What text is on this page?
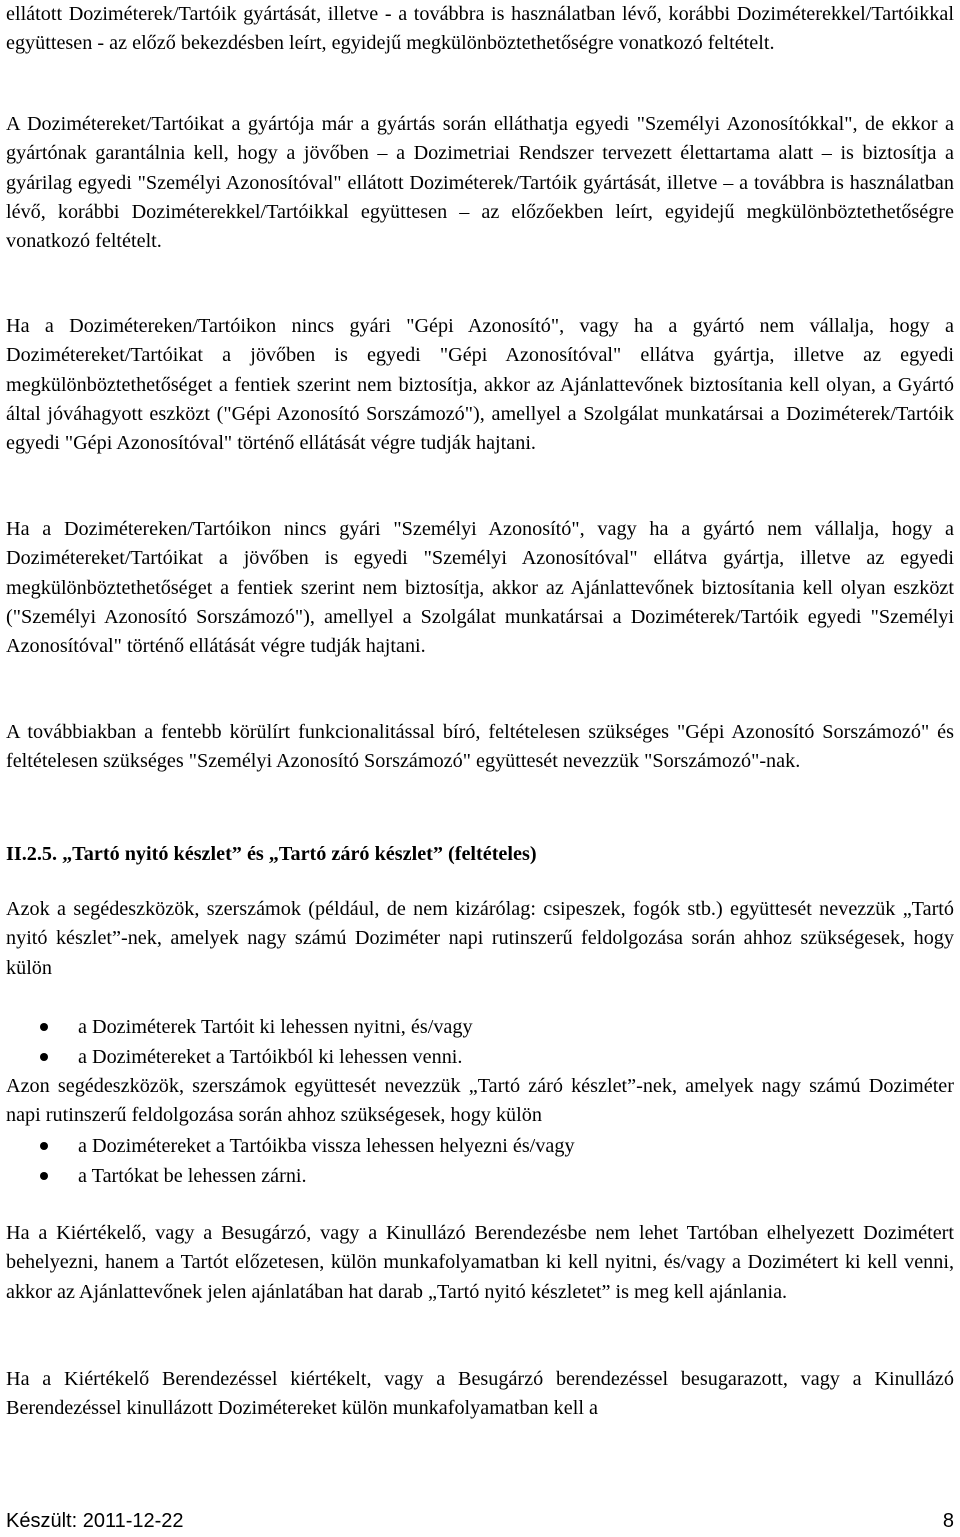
ellátott Doziméterek/Tartóik gyártását, illetve - a továbbra is használatban lévő, korábbi Doziméterekkel/Tartóikkal együttesen - az előző bekezdésben leírt, egyidejű megkülönböztethetőségre vonatkozó feltételt.

A Dozimétereket/Tartóikat a gyártója már a gyártás során elláthatja egyedi "Személyi Azonosítókkal", de ekkor a gyártónak garantálnia kell, hogy a jövőben – a Dozimetriai Rendszer tervezett élettartama alatt – is biztosítja a gyárilag egyedi "Személyi Azonosítóval" ellátott Doziméterek/Tartóik gyártását, illetve – a továbbra is használatban lévő, korábbi Doziméterekkel/Tartóikkal együttesen – az előzőekben leírt, egyidejű megkülönböztethetőségre vonatkozó feltételt.

Ha a Dozimétereken/Tartóikon nincs gyári "Gépi Azonosító", vagy ha a gyártó nem vállalja, hogy a Dozimétereket/Tartóikat a jövőben is egyedi "Gépi Azonosítóval" ellátva gyártja, illetve az egyedi megkülönböztethetőséget a fentiek szerint nem biztosítja, akkor az Ajánlattevőnek biztosítania kell olyan, a Gyártó által jóváhagyott eszközt ("Gépi Azonosító Sorszámozó"), amellyel a Szolgálat munkatársai a Doziméterek/Tartóik egyedi "Gépi Azonosítóval" történő ellátását végre tudják hajtani.

Ha a Dozimétereken/Tartóikon nincs gyári "Személyi Azonosító", vagy ha a gyártó nem vállalja, hogy a Dozimétereket/Tartóikat a jövőben is egyedi "Személyi Azonosítóval" ellátva gyártja, illetve az egyedi megkülönböztethetőséget a fentiek szerint nem biztosítja, akkor az Ajánlattevőnek biztosítania kell olyan eszközt ("Személyi Azonosító Sorszámozó"), amellyel a Szolgálat munkatársai a Doziméterek/Tartóik egyedi "Személyi Azonosítóval" történő ellátását végre tudják hajtani.

A továbbiakban a fentebb körülírt funkcionalitással bíró, feltételesen szükséges "Gépi Azonosító Sorszámozó" és feltételesen szükséges "Személyi Azonosító Sorszámozó" együttesét nevezzük "Sorszámozó"-nak.

II.2.5. „Tartó nyitó készlet” és „Tartó záró készlet” (feltételes)

Azok a segédeszközök, szerszámok (például, de nem kizárólag: csipeszek, fogók stb.) együttesét nevezzük „Tartó nyitó készlet”-nek, amelyek nagy számú Doziméter napi rutinszerű feldolgozása során ahhoz szükségesek, hogy külön

a Doziméterek Tartóit ki lehessen nyitni, és/vagy
a Dozimétereket a Tartóikból ki lehessen venni.

Azon segédeszközök, szerszámok együttesét nevezzük „Tartó záró készlet”-nek, amelyek nagy számú Doziméter napi rutinszerű feldolgozása során ahhoz szükségesek, hogy külön

a Dozimétereket a Tartóikba vissza lehessen helyezni és/vagy
a Tartókat be lehessen zárni.

Ha a Kiértékelő, vagy a Besugárzó, vagy a Kinullázó Berendezésbe nem lehet Tartóban elhelyezett Dozimétert behelyezni, hanem a Tartót előzetesen, külön munkafolyamatban ki kell nyitni, és/vagy a Dozimétert ki kell venni, akkor az Ajánlattevőnek jelen ajánlatában hat darab „Tartó nyitó készletet” is meg kell ajánlania.

Ha a Kiértékelő Berendezéssel kiértékelt, vagy a Besugárzó berendezéssel besugarazott, vagy a Kinullázó Berendezéssel kinullázott Dozimétereket külön munkafolyamatban kell a

Készült: 2011-12-22	8
